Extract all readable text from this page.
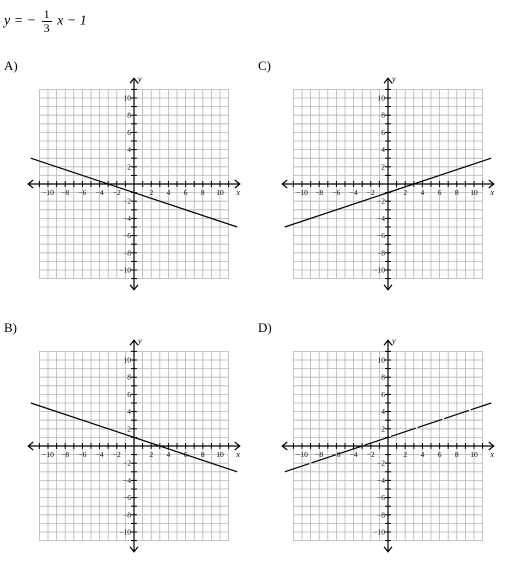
y = − $\frac{1}{3}$ x − 1
A)	C)
B)	D)
−10
−10
−8
−8
−6
−6
−4
−4
−2
−2
2
2
4
4
6
6
8
8
10
10
x
y
−10
−10
−8
−8
−6
−6
−4
−4
−2
−2
2
2
4
4
6
6
8
8
10
10
x
y
−10
−10
−8
−8
−6
−6
−4
−4
−2
−2
2
2
4
4
6
8
8
10
10
x
y
−10
−10
−8
−8
−6
−6
−4
−4
−2
−2
2
2
4
4
6
6
8
8
10
10
x
y
